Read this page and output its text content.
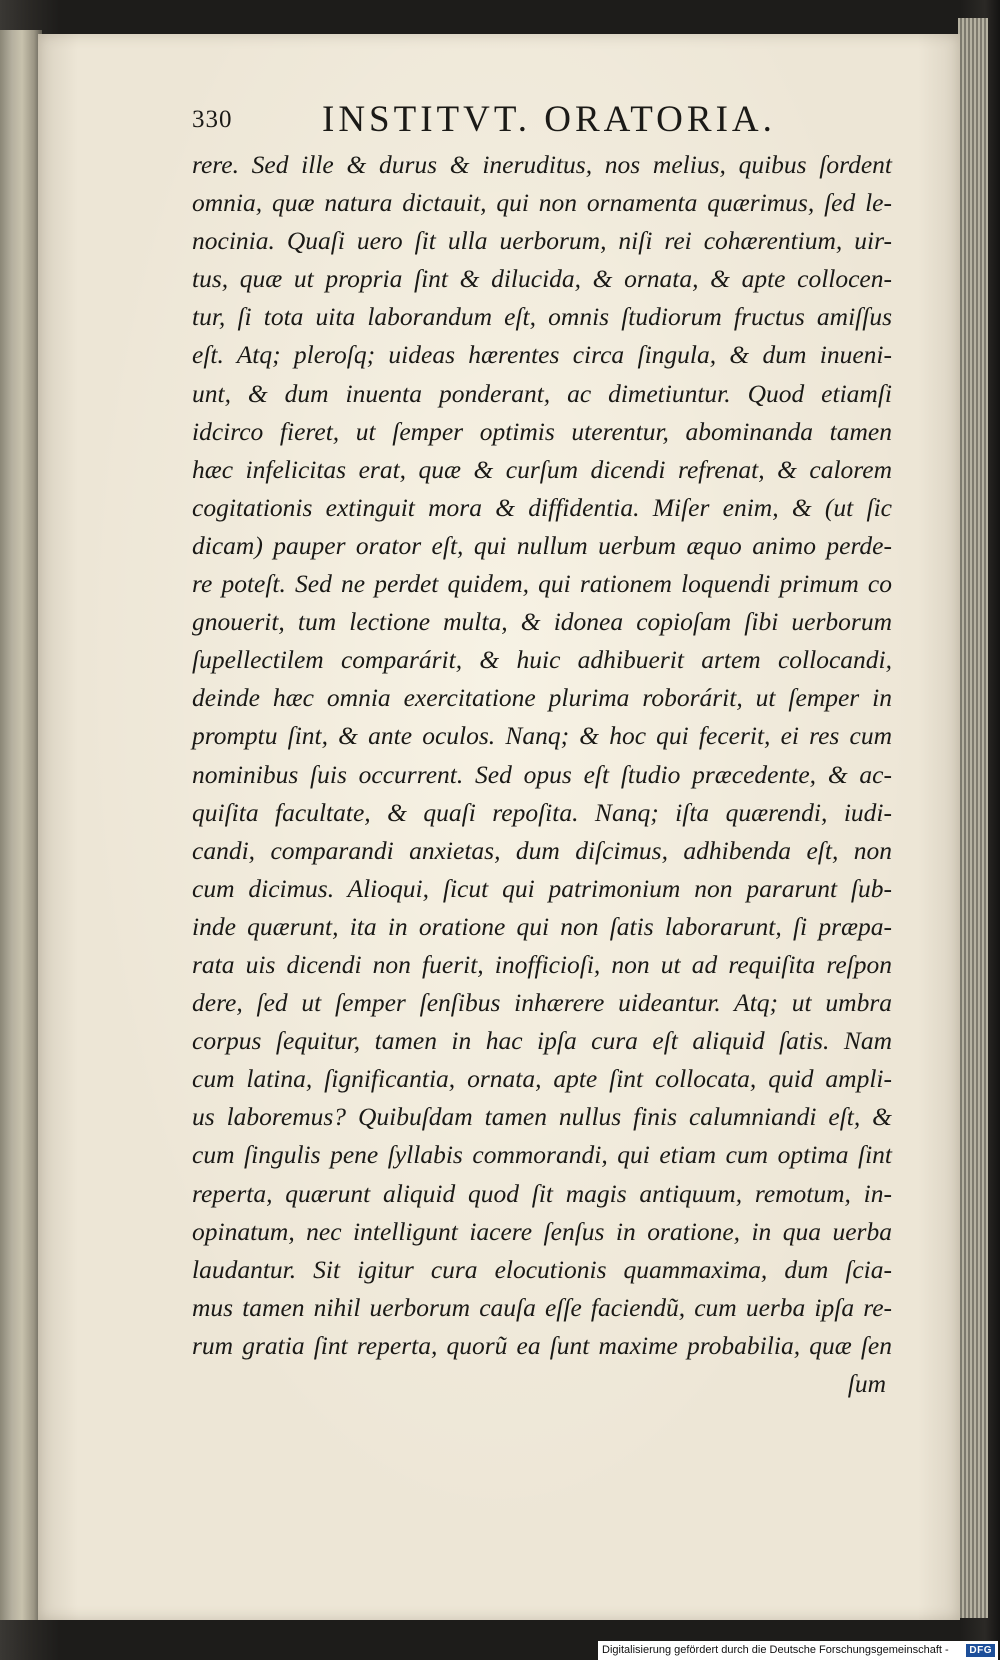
330 INSTITVT. ORATORIA.
rere. Sed ille & durus & ineruditus, nos melius, quibus ſordent
omnia, quæ natura dictauit, qui non ornamenta quærimus, ſed le-
nocinia. Quaſi uero ſit ulla uerborum, niſi rei cohærentium, uir-
tus, quæ ut propria ſint & dilucida, & ornata, & apte collocen-
tur, ſi tota uita laborandum eſt, omnis ſtudiorum fructus amiſſus
eſt. Atq; pleroſq; uideas hærentes circa ſingula, & dum inueni-
unt, & dum inuenta ponderant, ac dimetiuntur. Quod etiamſi
idcirco fieret, ut ſemper optimis uterentur, abominanda tamen
hæc infelicitas erat, quæ & curſum dicendi refrenat, & calorem
cogitationis extinguit mora & diffidentia. Miſer enim, & (ut ſic
dicam) pauper orator eſt, qui nullum uerbum æquo animo perde-
re poteſt. Sed ne perdet quidem, qui rationem loquendi primum co
gnouerit, tum lectione multa, & idonea copioſam ſibi uerborum
ſupellectilem comparárit, & huic adhibuerit artem collocandi,
deinde hæc omnia exercitatione plurima roborárit, ut ſemper in
promptu ſint, & ante oculos. Nanq; & hoc qui fecerit, ei res cum
nominibus ſuis occurrent. Sed opus eſt ſtudio præcedente, & ac-
quiſita facultate, & quaſi repoſita. Nanq; iſta quærendi, iudi-
candi, comparandi anxietas, dum diſcimus, adhibenda eſt, non
cum dicimus. Alioqui, ſicut qui patrimonium non pararunt ſub-
inde quærunt, ita in oratione qui non ſatis laborarunt, ſi præpa-
rata uis dicendi non fuerit, inofficioſi, non ut ad requiſita reſpon
dere, ſed ut ſemper ſenſibus inhærere uideantur. Atq; ut umbra
corpus ſequitur, tamen in hac ipſa cura eſt aliquid ſatis. Nam
cum latina, ſignificantia, ornata, apte ſint collocata, quid ampli-
us laboremus? Quibuſdam tamen nullus finis calumniandi eſt, &
cum ſingulis pene ſyllabis commorandi, qui etiam cum optima ſint
reperta, quærunt aliquid quod ſit magis antiquum, remotum, in-
opinatum, nec intelligunt iacere ſenſus in oratione, in qua uerba
laudantur. Sit igitur cura elocutionis quammaxima, dum ſcia-
mus tamen nihil uerborum cauſa eſſe faciendũ, cum uerba ipſa re-
rum gratia ſint reperta, quorũ ea ſunt maxime probabilia, quæ ſen
ſum
Digitalisierung gefördert durch die Deutsche Forschungsgemeinschaft -	DFG
